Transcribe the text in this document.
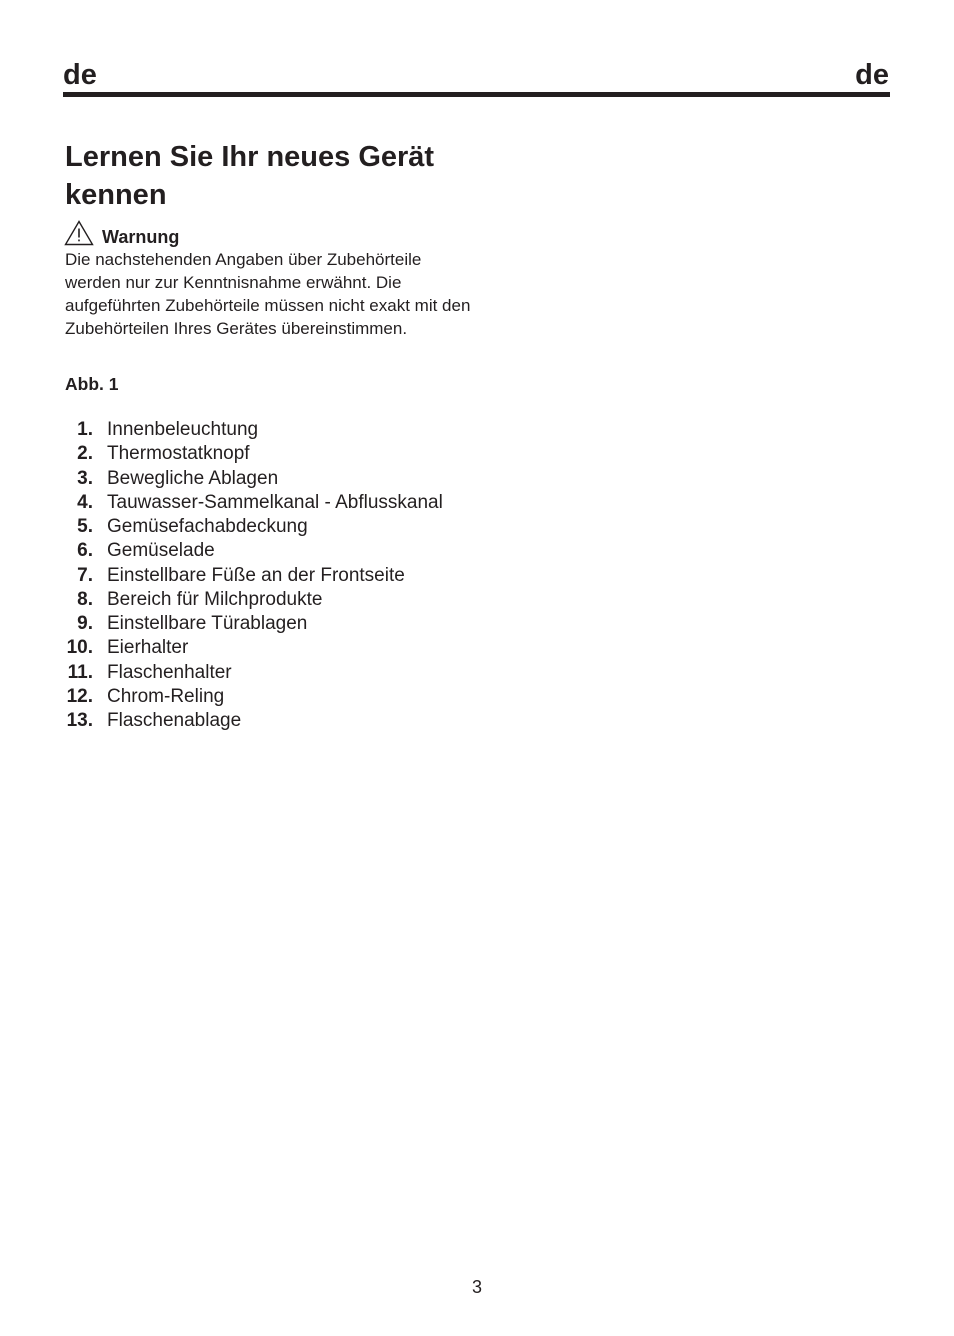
de	de
Lernen Sie Ihr neues Gerät kennen
Warnung

Die nachstehenden Angaben über Zubehörteile werden nur zur Kenntnisnahme erwähnt. Die aufgeführten Zubehörteile müssen nicht exakt mit den Zubehörteilen Ihres Gerätes übereinstimmen.

Abb. 1

1. Innenbeleuchtung
2. Thermostatknopf
3. Bewegliche Ablagen
4. Tauwasser-Sammelkanal - Abflusskanal
5. Gemüsefachabdeckung
6. Gemüselade
7. Einstellbare Füße an der Frontseite
8. Bereich für Milchprodukte
9. Einstellbare Türablagen
10. Eierhalter
11. Flaschenhalter
12. Chrom-Reling
13. Flaschenablage
3
